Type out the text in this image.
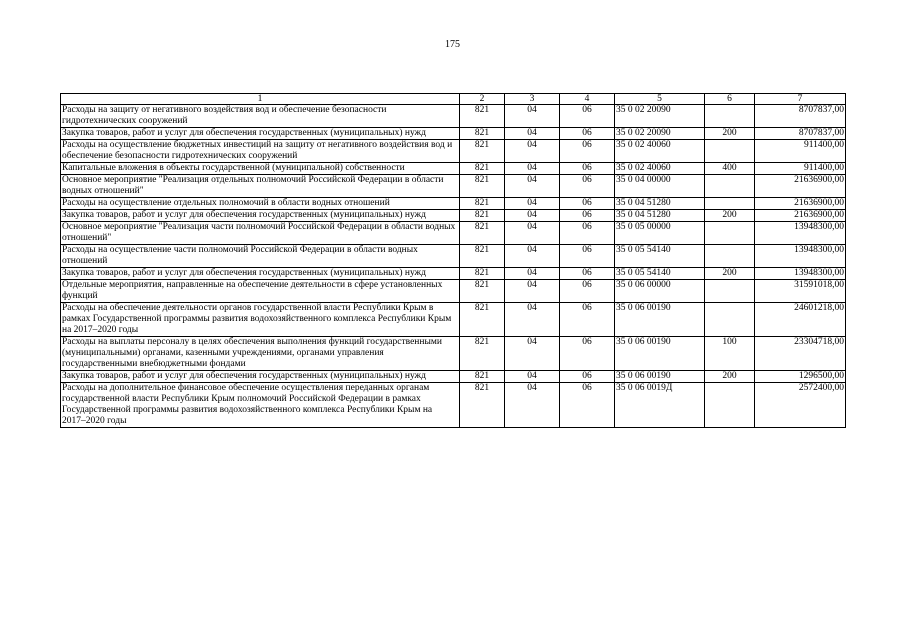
175
1	2	3	4	5	6	7
Расходы на защиту от негативного воздействия вод и обеспечение безопасности гидротехнических сооружений	821	04	06	35 0 02 20090		8707837,00
Закупка товаров, работ и услуг для обеспечения государственных (муниципальных) нужд	821	04	06	35 0 02 20090	200	8707837,00
Расходы на осуществление бюджетных инвестиций на защиту от негативного воздействия вод и обеспечение безопасности гидротехнических сооружений	821	04	06	35 0 02 40060		911400,00
Капитальные вложения в объекты государственной (муниципальной) собственности	821	04	06	35 0 02 40060	400	911400,00
Основное мероприятие "Реализация отдельных полномочий Российской Федерации в области водных отношений"	821	04	06	35 0 04 00000		21636900,00
Расходы на осуществление отдельных полномочий в области водных отношений	821	04	06	35 0 04 51280		21636900,00
Закупка товаров, работ и услуг для обеспечения государственных (муниципальных) нужд	821	04	06	35 0 04 51280	200	21636900,00
Основное мероприятие "Реализация части полномочий Российской Федерации в области водных отношений"	821	04	06	35 0 05 00000		13948300,00
Расходы на осуществление части полномочий Российской Федерации в области водных отношений	821	04	06	35 0 05 54140		13948300,00
Закупка товаров, работ и услуг для обеспечения государственных (муниципальных) нужд	821	04	06	35 0 05 54140	200	13948300,00
Отдельные мероприятия, направленные на обеспечение деятельности в сфере установленных функций	821	04	06	35 0 06 00000		31591018,00
Расходы на обеспечение деятельности органов государственной власти Республики Крым в рамках Государственной программы развития водохозяйственного комплекса Республики Крым на 2017–2020 годы	821	04	06	35 0 06 00190		24601218,00
Расходы на выплаты персоналу в целях обеспечения выполнения функций государственными (муниципальными) органами, казенными учреждениями, органами управления государственными внебюджетными фондами	821	04	06	35 0 06 00190	100	23304718,00
Закупка товаров, работ и услуг для обеспечения государственных (муниципальных) нужд	821	04	06	35 0 06 00190	200	1296500,00
Расходы на дополнительное финансовое обеспечение осуществления переданных органам государственной власти Республики Крым полномочий Российской Федерации в рамках Государственной программы развития водохозяйственного комплекса Республики Крым на 2017–2020 годы	821	04	06	35 0 06 0019Д		2572400,00
